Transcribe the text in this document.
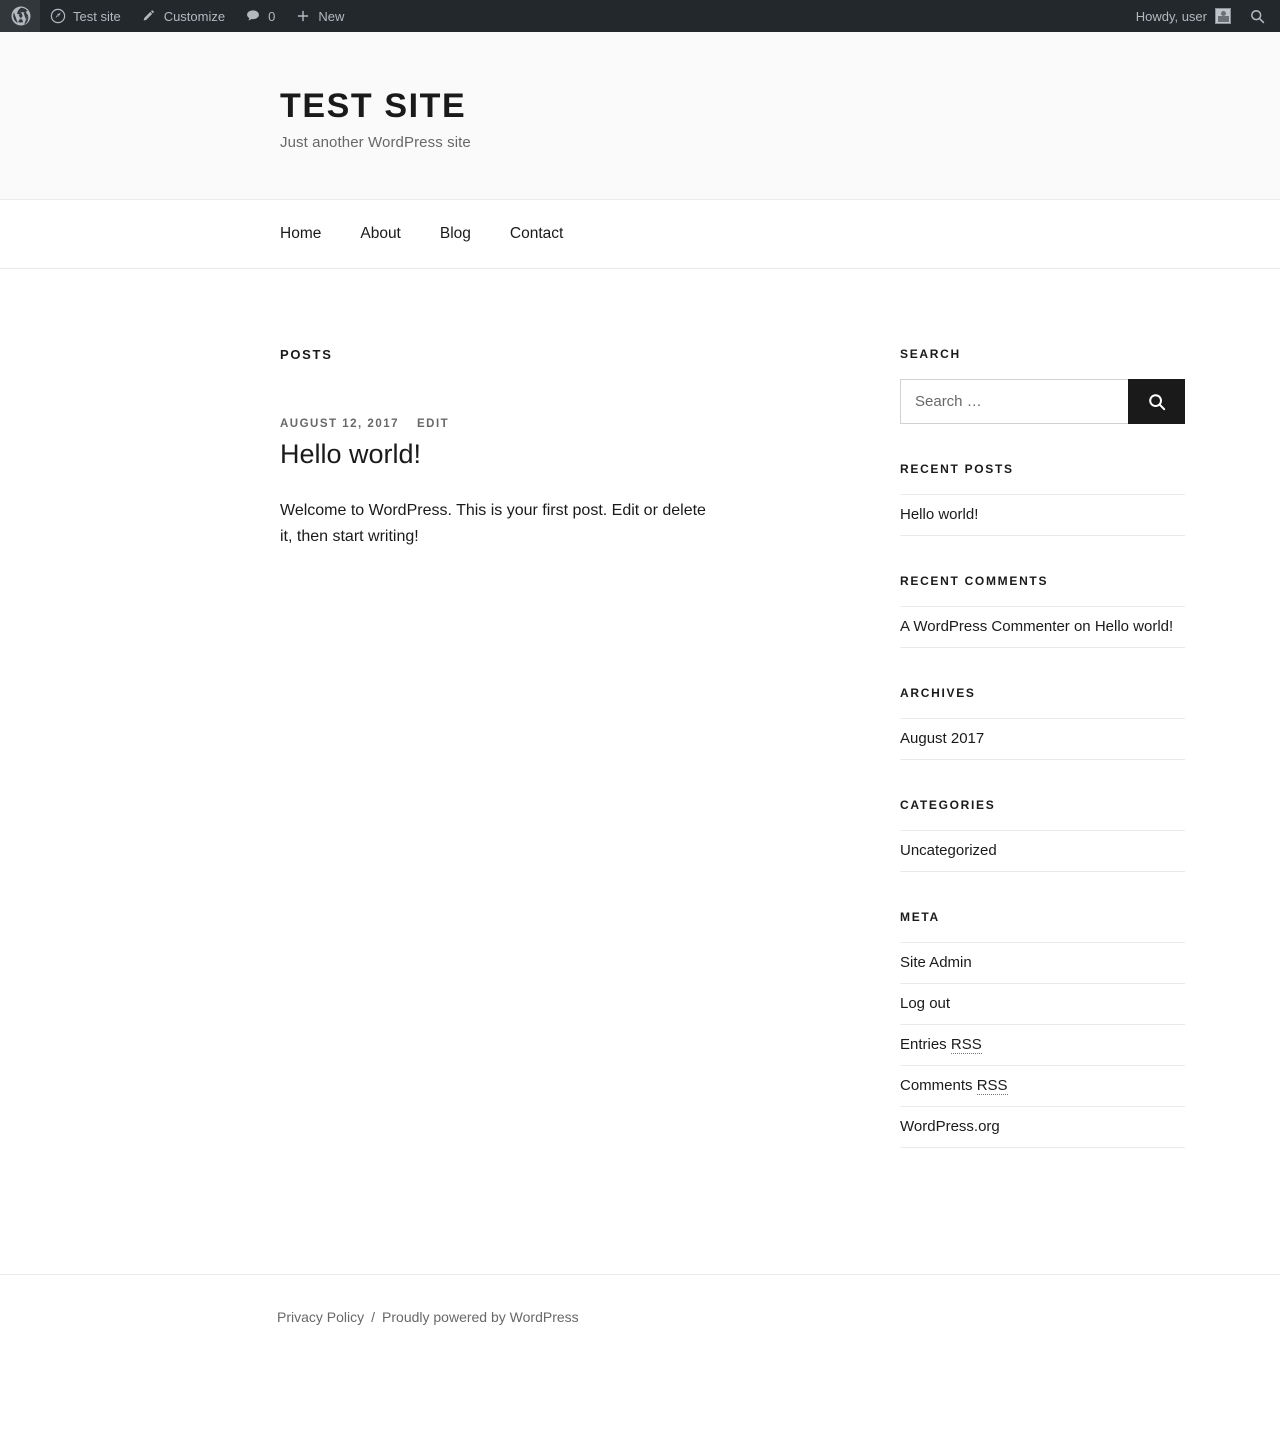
Test site	Customize	0	New	Howdy, user
TEST SITE

Just another WordPress site

Home	About	Blog	Contact
POSTS
AUGUST 12, 2017 EDIT
Hello world!

Welcome to WordPress. This is your first post. Edit or delete it, then start writing!

SEARCH
Search …
RECENT POSTS
Hello world!
RECENT COMMENTS
A WordPress Commenter on Hello world!
ARCHIVES
August 2017
CATEGORIES
Uncategorized
META
Site Admin
Log out
Entries RSS
Comments RSS
WordPress.org
Privacy Policy / Proudly powered by WordPress
